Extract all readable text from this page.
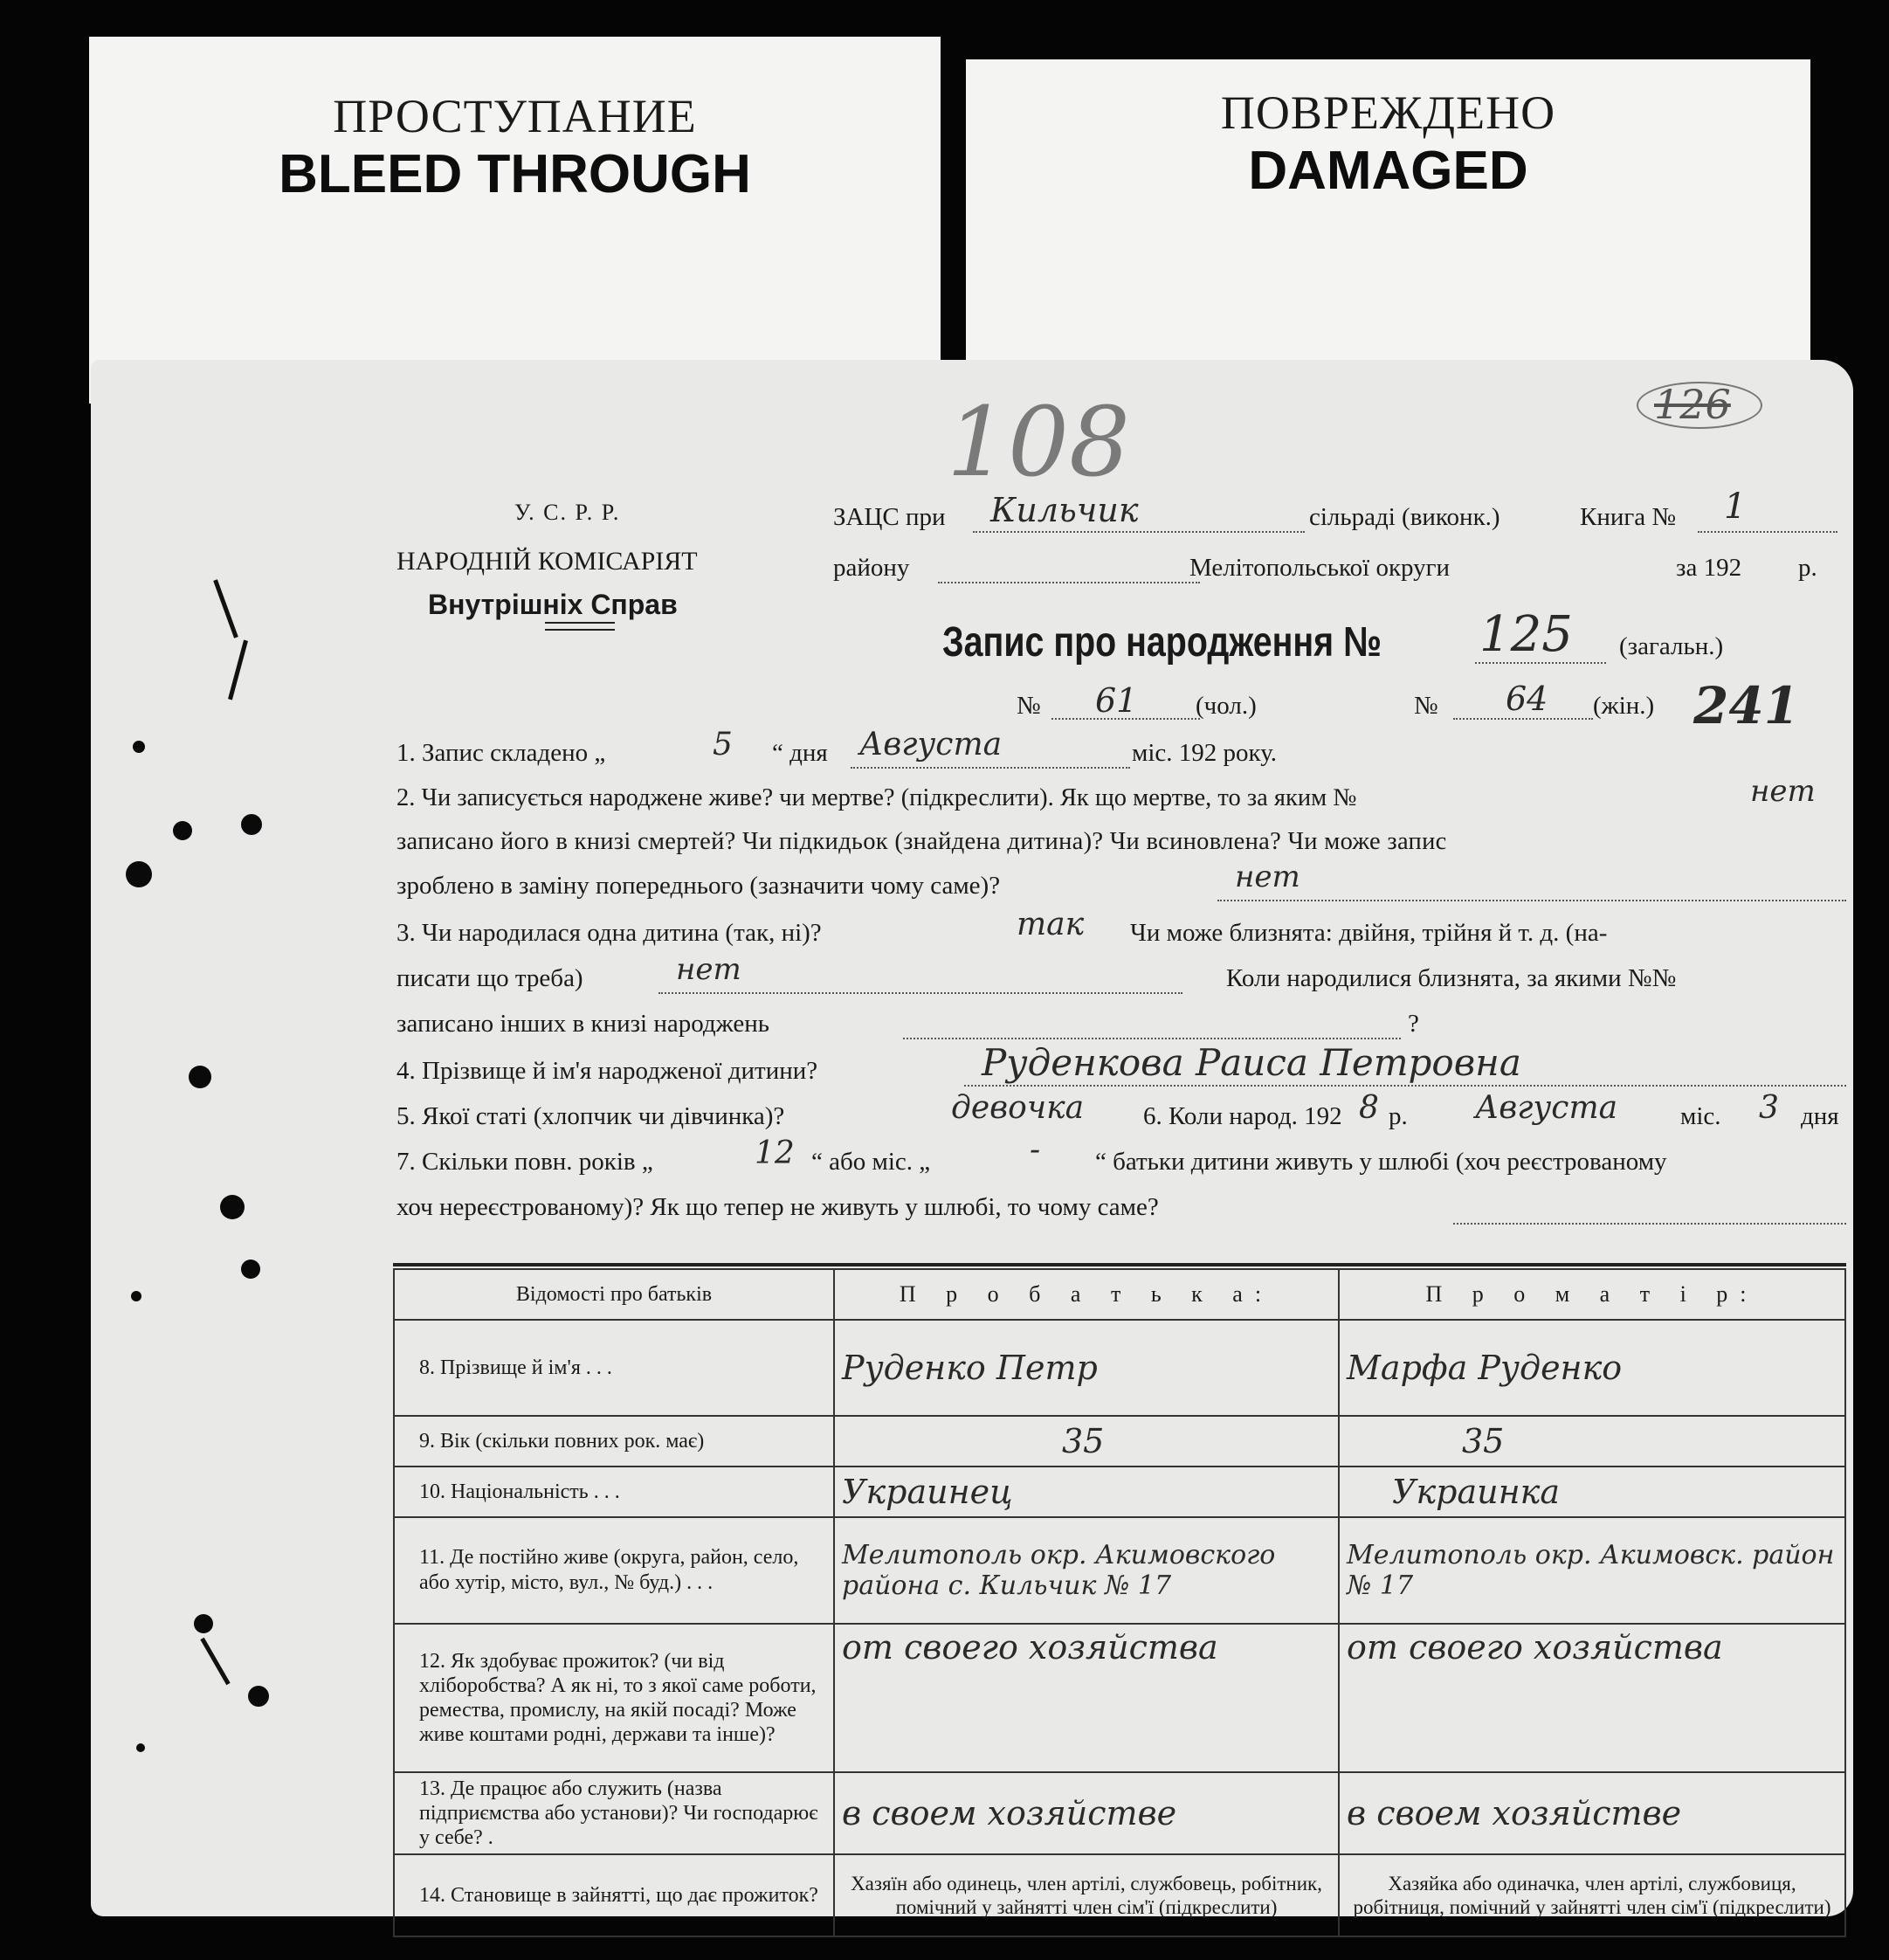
ПРОСТУПАНИЕ
BLEED THROUGH
ПОВРЕЖДЕНО
DAMAGED
108	126
У. С. Р. Р.
НАРОДНІЙ КОМІСАРІЯТ
Внутрішніх Справ
ЗАЦС при Кильчик	сільраді (виконк.)	Книга № 1
району	Мелітопольської округи	за 192 р.
Запис про народження № 125 (загальн.)
№ 61 (чол.)	№ 64 (жін.) 241
1. Запис складено „	5 “ дня Августа	міс. 192 року.
2. Чи записується народжене живе? чи мертве? (підкреслити). Як що мертве, то за яким №	нет
записано його в книзі смертей? Чи підкидьок (знайдена дитина)? Чи всиновлена? Чи може запис
зроблено в заміну попереднього (зазначити чому саме)?	нет
3. Чи народилася одна дитина (так, ні)?	так Чи може близнята: двійня, трійня й т. д. (на-
писати що треба)	нет	Коли народилися близнята, за якими №№
записано інших в книзі народжень	?
4. Прізвище й ім'я народженої дитини?	Руденкова Раиса Петровна
5. Якої статі (хлопчик чи дівчинка)?	девочка 6. Коли народ. 192 8 р. Августа міс. 3 дня
7. Скільки повн. років „	12 “ або міс. „	- “ батьки дитини живуть у шлюбі (хоч реєстрованому
хоч нереєстрованому)? Як що тепер не живуть у шлюбі, то чому саме?
Відомості про батьків	П р о б а т ь к а:	П р о м а т і р:
8. Прізвище й ім'я . . .	Руденко Петр	Марфа Руденко
9. Вік (скільки повних рок. має)	35	35
10. Національність . . .	Украинец	Украинка
11. Де постійно живе (округа, район, село, або хутір, місто, вул., № буд.) . . .	Мелитополь окр. Акимовского района с. Кильчик № 17	Мелитополь окр. Акимовск. район № 17
12. Як здобуває прожиток? (чи від хліборобства? А як ні, то з якої саме роботи, ремества, промислу, на якій посаді? Може живе коштами родні, держави та інше)?	от своего хозяйства	от своего хозяйства
13. Де працює або служить (назва підприємства або установи)? Чи господарює у себе? .	в своем хозяйстве	в своем хозяйстве
14. Становище в зайнятті, що дає прожиток?	Хазяїн або одинець, член артілі, службовець, робітник, помічний у зайнятті член сім'ї (підкреслити)	Хазяйка або одиначка, член артілі, службовиця, робітниця, помічний у зайнятті член сім'ї (підкреслити)
